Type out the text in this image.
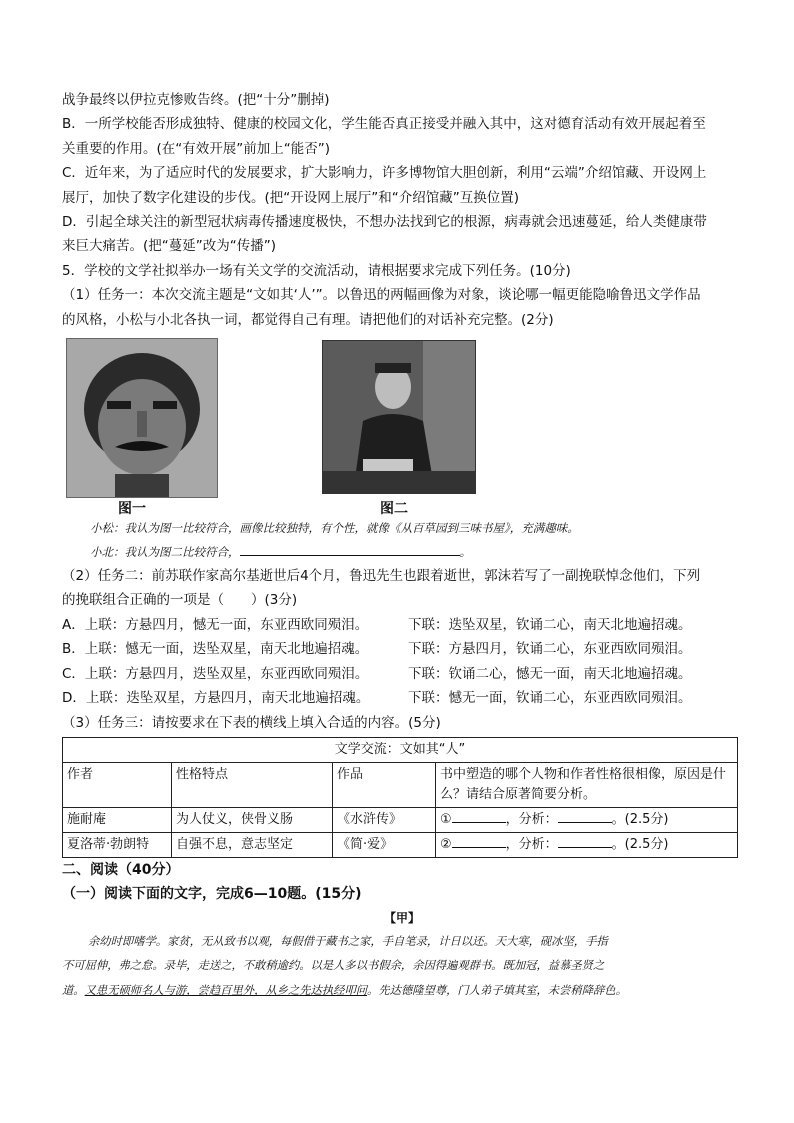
战争最终以伊拉克惨败告终。(把“十分”删掉)

B．一所学校能否形成独特、健康的校园文化，学生能否真正接受并融入其中，这对德育活动有效开展起着至

关重要的作用。(在“有效开展”前加上“能否”)

C．近年来，为了适应时代的发展要求，扩大影响力，许多博物馆大胆创新，利用“云端”介绍馆藏、开设网上

展厅，加快了数字化建设的步伐。(把“开设网上展厅”和“介绍馆藏”互换位置)

D．引起全球关注的新型冠状病毒传播速度极快，不想办法找到它的根源，病毒就会迅速蔓延，给人类健康带

来巨大痛苦。(把“蔓延”改为“传播”)

5．学校的文学社拟举办一场有关文学的交流活动，请根据要求完成下列任务。(10分)

（1）任务一：本次交流主题是“文如其‘人’”。以鲁迅的两幅画像为对象，谈论哪一幅更能隐喻鲁迅文学作品

的风格，小松与小北各执一词，都觉得自己有理。请把他们的对话补充完整。(2分)

图一	图二

小松：我认为图一比较符合，画像比较独特，有个性，就像《从百草园到三味书屋》，充满趣味。

小北：我认为图二比较符合，	。

（2）任务二：前苏联作家高尔基逝世后4个月，鲁迅先生也跟着逝世，郭沫若写了一副挽联悼念他们，下列

的挽联组合正确的一项是（　　）(3分)

A．上联：方悬四月，憾无一面，东亚西欧同殒泪。	下联：迭坠双星，钦诵二心，南天北地遍招魂。
B．上联：憾无一面，迭坠双星，南天北地遍招魂。	下联：方悬四月，钦诵二心，东亚西欧同殒泪。
C．上联：方悬四月，迭坠双星，东亚西欧同殒泪。	下联：钦诵二心，憾无一面，南天北地遍招魂。
D．上联：迭坠双星，方悬四月，南天北地遍招魂。	下联：憾无一面，钦诵二心，东亚西欧同殒泪。

（3）任务三：请按要求在下表的横线上填入合适的内容。(5分)

文学交流：文如其“人”			
作者	性格特点	作品	书中塑造的哪个人物和作者性格很相像，原因是什么？请结合原著简要分析。
施耐庵	为人仗义，侠骨义肠	《水浒传》	① ，分析： 。(2.5分)
夏洛蒂·勃朗特	自强不息，意志坚定	《简·爱》	② ，分析： 。(2.5分)

二、阅读（40分）

（一）阅读下面的文字，完成6—10题。(15分)

【甲】

余幼时即嗜学。家贫，无从致书以观，每假借于藏书之家，手自笔录，计日以还。天大寒，砚冰坚，手指

不可屈伸，弗之怠。录毕，走送之，不敢稍逾约。以是人多以书假余，余因得遍观群书。既加冠，益慕圣贤之

道。又患无硕师名人与游，尝趋百里外，从乡之先达执经叩问。先达德隆望尊，门人弟子填其室，未尝稍降辞色。
